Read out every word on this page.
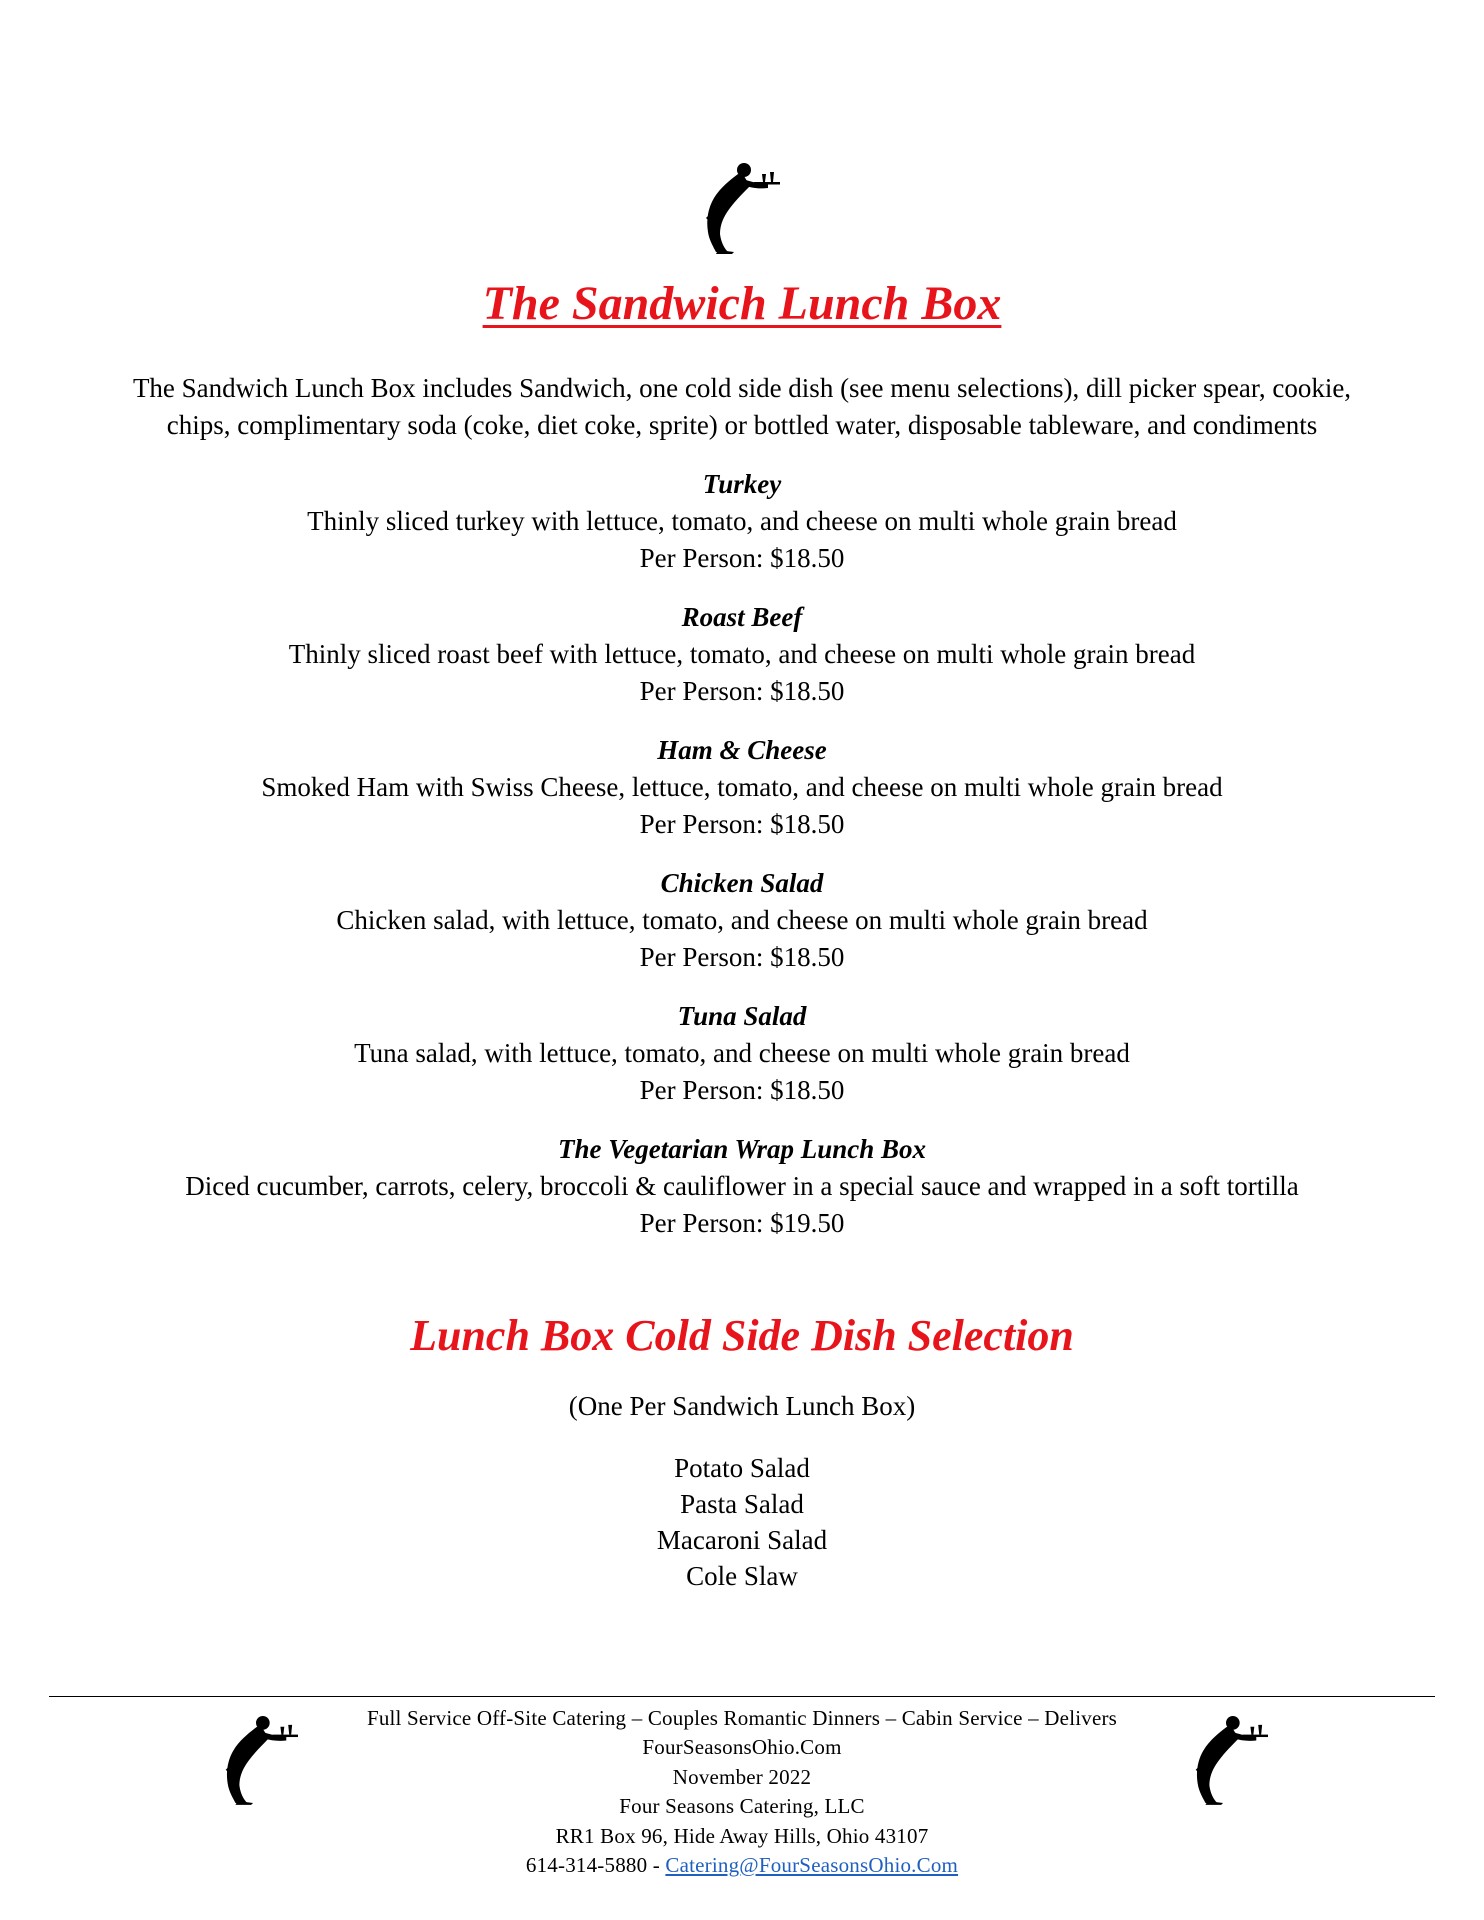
The Sandwich Lunch Box
The Sandwich Lunch Box includes Sandwich, one cold side dish (see menu selections), dill picker spear, cookie,
chips, complimentary soda (coke, diet coke, sprite) or bottled water, disposable tableware, and condiments
Turkey
Thinly sliced turkey with lettuce, tomato, and cheese on multi whole grain bread
Per Person: $18.50
Roast Beef
Thinly sliced roast beef with lettuce, tomato, and cheese on multi whole grain bread
Per Person: $18.50
Ham & Cheese
Smoked Ham with Swiss Cheese, lettuce, tomato, and cheese on multi whole grain bread
Per Person: $18.50
Chicken Salad
Chicken salad, with lettuce, tomato, and cheese on multi whole grain bread
Per Person: $18.50
Tuna Salad
Tuna salad, with lettuce, tomato, and cheese on multi whole grain bread
Per Person: $18.50
The Vegetarian Wrap Lunch Box
Diced cucumber, carrots, celery, broccoli & cauliflower in a special sauce and wrapped in a soft tortilla
Per Person: $19.50
Lunch Box Cold Side Dish Selection
(One Per Sandwich Lunch Box)
Potato Salad
Pasta Salad
Macaroni Salad
Cole Slaw
Full Service Off-Site Catering – Couples Romantic Dinners – Cabin Service – Delivers
FourSeasonsOhio.Com
November 2022
Four Seasons Catering, LLC
RR1 Box 96, Hide Away Hills, Ohio 43107
614-314-5880 - Catering@FourSeasonsOhio.Com
